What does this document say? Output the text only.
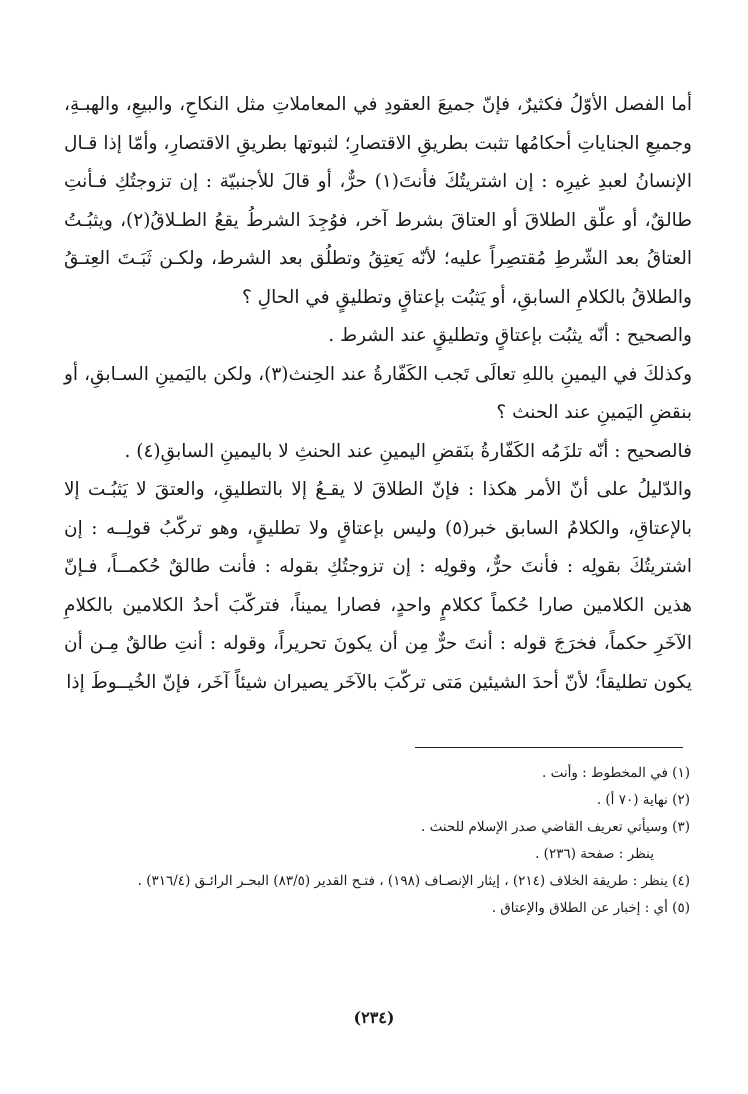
أما الفصل الأوّلُ فكثيرٌ، فإنّ جميعَ العقودِ في المعاملاتِ مثل النكاحِ، والبيعِ، والهبـةِ، وجميعِ الجناياتِ أحكامُها تثبت بطريقِ الاقتصارِ؛ لثبوتها بطريقِ الاقتصارِ، وأمّا إذا قـال الإنسانُ لعبدِ غيرِه : إن اشتريتُكَ فأنتَ(١) حرٌّ، أو قالَ للأجنبيّة : إن تزوجتُكِ فـأنتِ طالقٌ، أو علّق الطلاقَ أو العتاقَ بشرط آخر، فوُجِدَ الشرطُ يقعُ الطـلاقُ(٢)، ويثبُـتُ العتاقُ بعد الشّرطِ مُقتصِراً عليه؛ لأنّه يَعتِقُ وتطلُق بعد الشرط، ولكـن ثَبَـتَ العِتـقُ والطلاقُ بالكلامِ السابقِ، أو يَثبُت بإعتاقٍ وتطليقٍ في الحالِ ؟

والصحيح : أنّه يثبُت بإعتاقٍ وتطليقٍ عند الشرط .

وكذلكَ في اليمينِ باللهِ تعالَى تَجب الكَفّارةُ عند الحِنث(٣)، ولكن باليَمينِ السـابقِ، أو بنقضِ اليَمينِ عند الحنث ؟

فالصحيح : أنّه تلزَمُه الكَفّارةُ بنَقضِ اليمينِ عند الحنثِ لا باليمينِ السابقِ(٤) .

والدّليلُ على أنّ الأمر هكذا : فإنّ الطلاقَ لا يقـعُ إلا بالتطليقِ، والعتقَ لا يَثبُـت إلا بالإعتاقِ، والكلامُ السابق خبر(٥) وليس بإعتاقٍ ولا تطليقٍ، وهو تركّبُ قولِــه : إن اشتريتُكَ بقولِه : فأنتَ حرٌّ، وقولِه : إن تزوجتُكِ بقوله : فأنت طالقٌ حُكمــاً، فـإنّ هذين الكلامين صارا حُكماً ككلامٍ واحدٍ، فصارا يميناً، فتركّبَ أحدُ الكلامين بالكلامِ الآخَرِ حكماً، فخرَجَ قوله : أنتَ حرٌّ مِن أن يكونَ تحريراً، وقوله : أنتِ طالقٌ مِـن أن يكون تطليقاً؛ لأنّ أحدَ الشيئين مَتى تركّبَ بالآخَر يصيران شيئاً آخَر، فإنّ الخُيــوطَ إذا

(١) في المخطوط : وأنت .

(٢) نهاية (٧٠ أ) .

(٣) وسيأتي تعريف القاضي صدر الإسلام للحنث .

ينظر : صفحة (٢٣٦) .

(٤) ينظر : طريقة الخلاف (٢١٤) ، إيثار الإنصـاف (١٩٨) ، فتـح القدير (٨٣/٥) البحـر الرائـق (٣١٦/٤) .

(٥) أي : إخبار عن الطلاق والإعتاق .

(٢٣٤)
